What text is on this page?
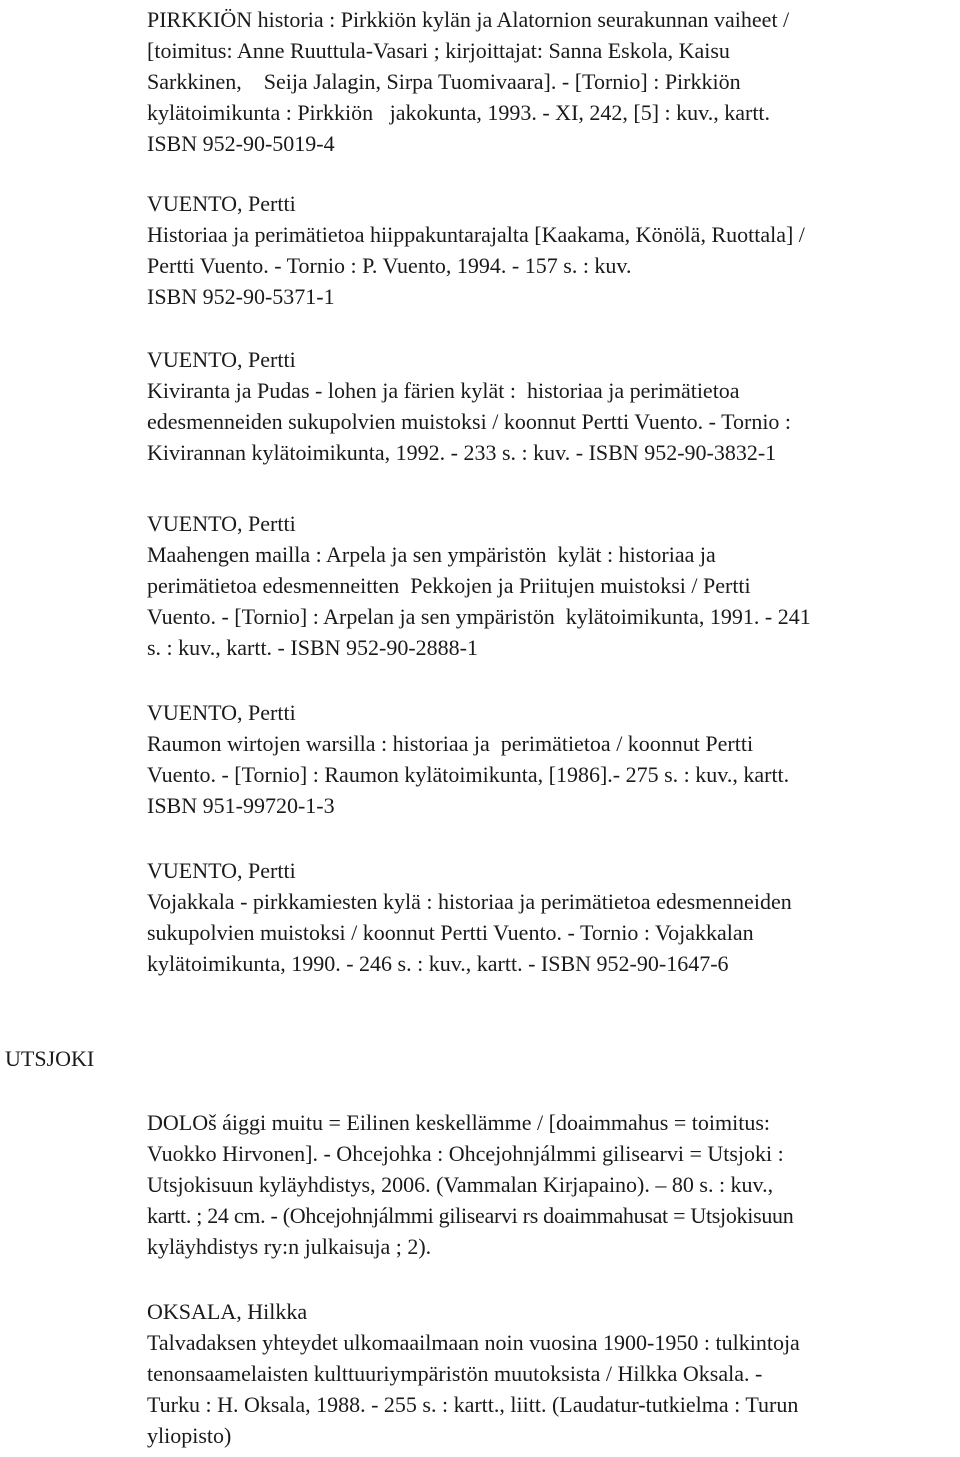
PIRKKIÖN historia : Pirkkiön kylän ja Alatornion seurakunnan vaiheet /
[toimitus: Anne Ruuttula-Vasari ; kirjoittajat: Sanna Eskola, Kaisu
Sarkkinen,    Seija Jalagin, Sirpa Tuomivaara]. - [Tornio] : Pirkkiön
kylätoimikunta : Pirkkiön   jakokunta, 1993. - XI, 242, [5] : kuv., kartt.
ISBN 952-90-5019-4
VUENTO, Pertti
Historiaa ja perimätietoa hiippakuntarajalta [Kaakama, Könölä, Ruottala] /
Pertti Vuento. - Tornio : P. Vuento, 1994. - 157 s. : kuv.
ISBN 952-90-5371-1
VUENTO, Pertti
Kiviranta ja Pudas - lohen ja färien kylät :  historiaa ja perimätietoa
edesmenneiden sukupolvien muistoksi / koonnut Pertti Vuento. - Tornio :
Kivirannan kylätoimikunta, 1992. - 233 s. : kuv. - ISBN 952-90-3832-1
VUENTO, Pertti
Maahengen mailla : Arpela ja sen ympäristön  kylät : historiaa ja
perimätietoa edesmenneitten  Pekkojen ja Priitujen muistoksi / Pertti
Vuento. - [Tornio] : Arpelan ja sen ympäristön  kylätoimikunta, 1991. - 241
s. : kuv., kartt. - ISBN 952-90-2888-1
VUENTO, Pertti
Raumon wirtojen warsilla : historiaa ja  perimätietoa / koonnut Pertti
Vuento. - [Tornio] : Raumon kylätoimikunta, [1986].- 275 s. : kuv., kartt.
ISBN 951-99720-1-3
VUENTO, Pertti
Vojakkala - pirkkamiesten kylä : historiaa ja perimätietoa edesmenneiden
sukupolvien muistoksi / koonnut Pertti Vuento. - Tornio : Vojakkalan
kylätoimikunta, 1990. - 246 s. : kuv., kartt. - ISBN 952-90-1647-6
UTSJOKI
DOLOš áiggi muitu = Eilinen keskellämme / [doaimmahus = toimitus:
Vuokko Hirvonen]. - Ohcejohka : Ohcejohnjálmmi gilisearvi = Utsjoki :
Utsjokisuun kyläyhdistys, 2006. (Vammalan Kirjapaino). – 80 s. : kuv.,
kartt. ; 24 cm. - (Ohcejohnjálmmi gilisearvi rs doaimmahusat = Utsjokisuun
kyläyhdistys ry:n julkaisuja ; 2).
OKSALA, Hilkka
Talvadaksen yhteydet ulkomaailmaan noin vuosina 1900-1950 : tulkintoja
tenonsaamelaisten kulttuuriympäristön muutoksista / Hilkka Oksala. -
Turku : H. Oksala, 1988. - 255 s. : kartt., liitt. (Laudatur-tutkielma : Turun
yliopisto)
